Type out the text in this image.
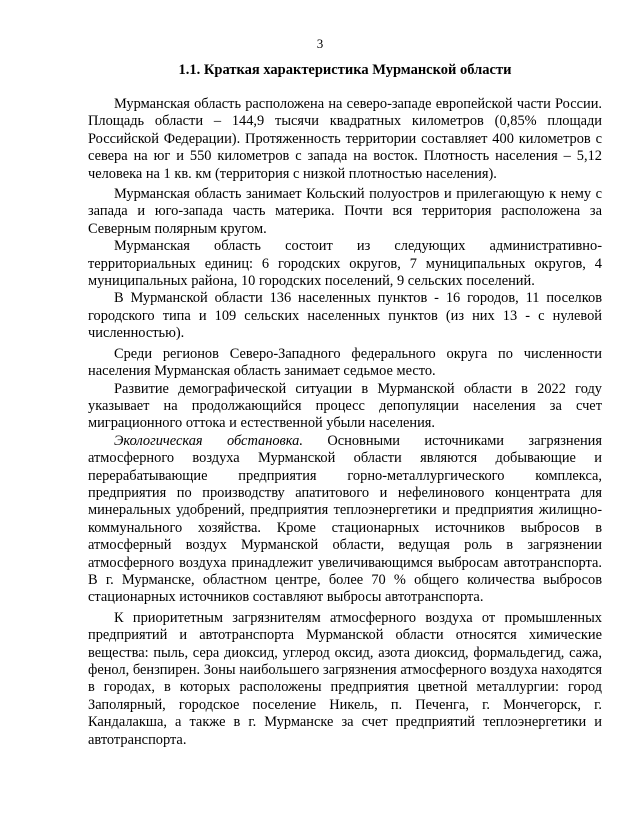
3
1.1. Краткая характеристика Мурманской области

Мурманская область расположена на северо-западе европейской части России. Площадь области – 144,9 тысячи квадратных километров (0,85% площади Российской Федерации). Протяженность территории составляет 400 километров с севера на юг и 550 километров с запада на восток. Плотность населения – 5,12 человека на 1 кв. км (территория с низкой плотностью населения).

Мурманская область занимает Кольский полуостров и прилегающую к нему с запада и юго-запада часть материка. Почти вся территория расположена за Северным полярным кругом.

Мурманская область состоит из следующих административно-территориальных единиц: 6 городских округов, 7 муниципальных округов, 4 муниципальных района, 10 городских поселений, 9 сельских поселений.

В Мурманской области 136 населенных пунктов - 16 городов, 11 поселков городского типа и 109 сельских населенных пунктов (из них 13 - с нулевой численностью).

Среди регионов Северо-Западного федерального округа по численности населения Мурманская область занимает седьмое место.

Развитие демографической ситуации в Мурманской области в 2022 году указывает на продолжающийся процесс депопуляции населения за счет миграционного оттока и естественной убыли населения.

Экологическая обстановка. Основными источниками загрязнения атмосферного воздуха Мурманской области являются добывающие и перерабатывающие предприятия горно-металлургического комплекса, предприятия по производству апатитового и нефелинового концентрата для минеральных удобрений, предприятия теплоэнергетики и предприятия жилищно-коммунального хозяйства. Кроме стационарных источников выбросов в атмосферный воздух Мурманской области, ведущая роль в загрязнении атмосферного воздуха принадлежит увеличивающимся выбросам автотранспорта. В г. Мурманске, областном центре, более 70 % общего количества выбросов стационарных источников составляют выбросы автотранспорта.

К приоритетным загрязнителям атмосферного воздуха от промышленных предприятий и автотранспорта Мурманской области относятся химические вещества: пыль, сера диоксид, углерод оксид, азота диоксид, формальдегид, сажа, фенол, бензпирен. Зоны наибольшего загрязнения атмосферного воздуха находятся в городах, в которых расположены предприятия цветной металлургии: город Заполярный, городское поселение Никель, п. Печенга, г. Мончегорск, г. Кандалакша, а также в г. Мурманске за счет предприятий теплоэнергетики и автотранспорта.
